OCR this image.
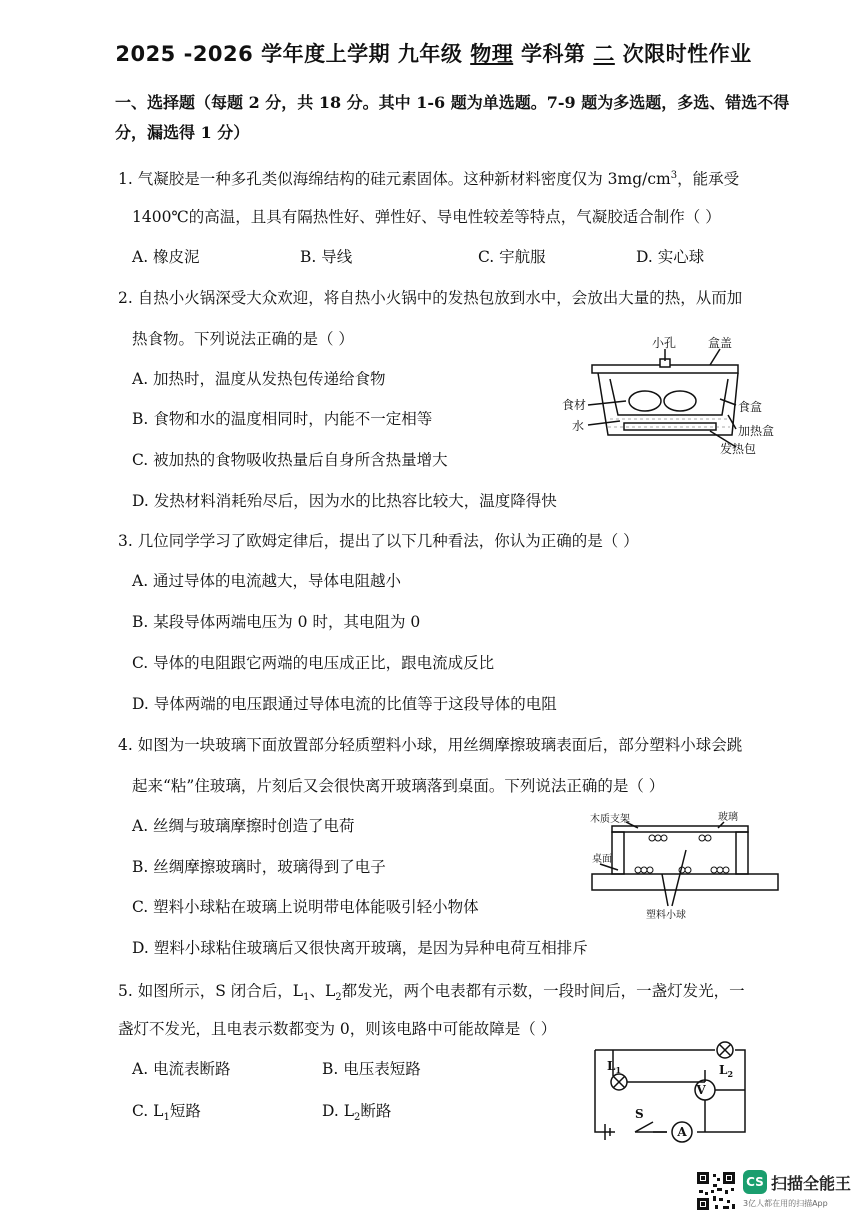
2025 -2026 学年度上学期 九年级 物理 学科第 二 次限时性作业
一、选择题（每题 2 分，共 18 分。其中 1-6 题为单选题。7-9 题为多选题，多选、错选不得
分，漏选得 1 分）
1. 气凝胶是一种多孔类似海绵结构的硅元素固体。这种新材料密度仅为 $3mg/cm^3$，能承受
1400℃的高温，且具有隔热性好、弹性好、导电性较差等特点，气凝胶适合制作（ ）
A. 橡皮泥	B. 导线	C. 宇航服	D. 实心球
2. 自热小火锅深受大众欢迎，将自热小火锅中的发热包放到水中，会放出大量的热，从而加
热食物。下列说法正确的是（ ）
A. 加热时，温度从发热包传递给食物
B. 食物和水的温度相同时，内能不一定相等
C. 被加热的食物吸收热量后自身所含热量增大
D. 发热材料消耗殆尽后，因为水的比热容比较大，温度降得快
小孔	盒盖
食材
水
食盒
加热盒
发热包
3. 几位同学学习了欧姆定律后，提出了以下几种看法，你认为正确的是（ ）
A. 通过导体的电流越大，导体电阻越小
B. 某段导体两端电压为 0 时，其电阻为 0
C. 导体的电阻跟它两端的电压成正比，跟电流成反比
D. 导体两端的电压跟通过导体电流的比值等于这段导体的电阻
4. 如图为一块玻璃下面放置部分轻质塑料小球，用丝绸摩擦玻璃表面后，部分塑料小球会跳
起来“粘”住玻璃，片刻后又会很快离开玻璃落到桌面。下列说法正确的是（ ）
A. 丝绸与玻璃摩擦时创造了电荷
B. 丝绸摩擦玻璃时，玻璃得到了电子
C. 塑料小球粘在玻璃上说明带电体能吸引轻小物体
D. 塑料小球粘住玻璃后又很快离开玻璃，是因为异种电荷互相排斥
木质支架	玻璃
桌面
塑料小球
5. 如图所示，S 闭合后，$L_1$、$L_2$都发光，两个电表都有示数，一段时间后，一盏灯发光，一
盏灯不发光，且电表示数都变为 0，则该电路中可能故障是（ ）
A. 电流表断路	B. 电压表短路
C. $L_1$短路	D. $L_2$断路
V
A
$L_1$	$L_2$
S
CS 扫描全能王
3亿人都在用的扫描App
